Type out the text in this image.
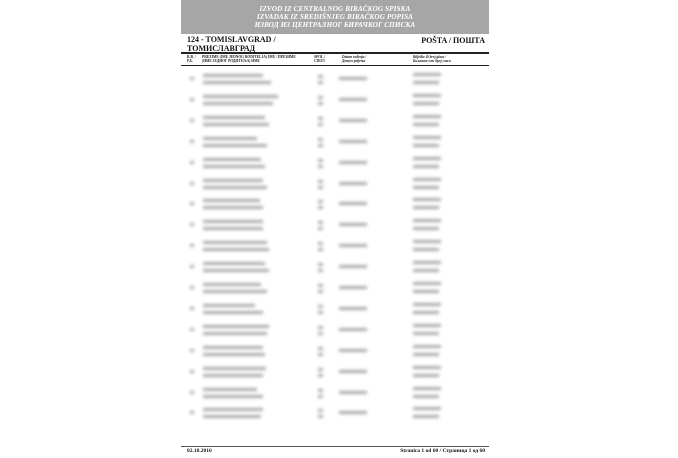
IZVOD IZ CENTRALNOG BIRAČKOG SPISKA
IZVADAK IZ SREDIŠNJEG BIRAČKOG POPISA
ИЗВОД ИЗ ЦЕНТРАЛНОГ БИРАЧКОГ СПИСКА
124 - TOMISLAVGRAD /
ТОМИСЛАВГРАД
POŠTA / ПОШТА
R.B. / Р.Б.
PREZIME (IME JEDNOG RODITELJA) IME / ПРЕЗИМЕ (ИМЕ ЈЕДНОГ РОДИТЕЉА) ИМЕ
SPOL / СПОЛ
Datum rođenja / Датум рођења
Bilješke ili broj glasa / Биљешке или број гласа
02.10.2016	Stranica 1 od 60 / Страница 1 од 60
